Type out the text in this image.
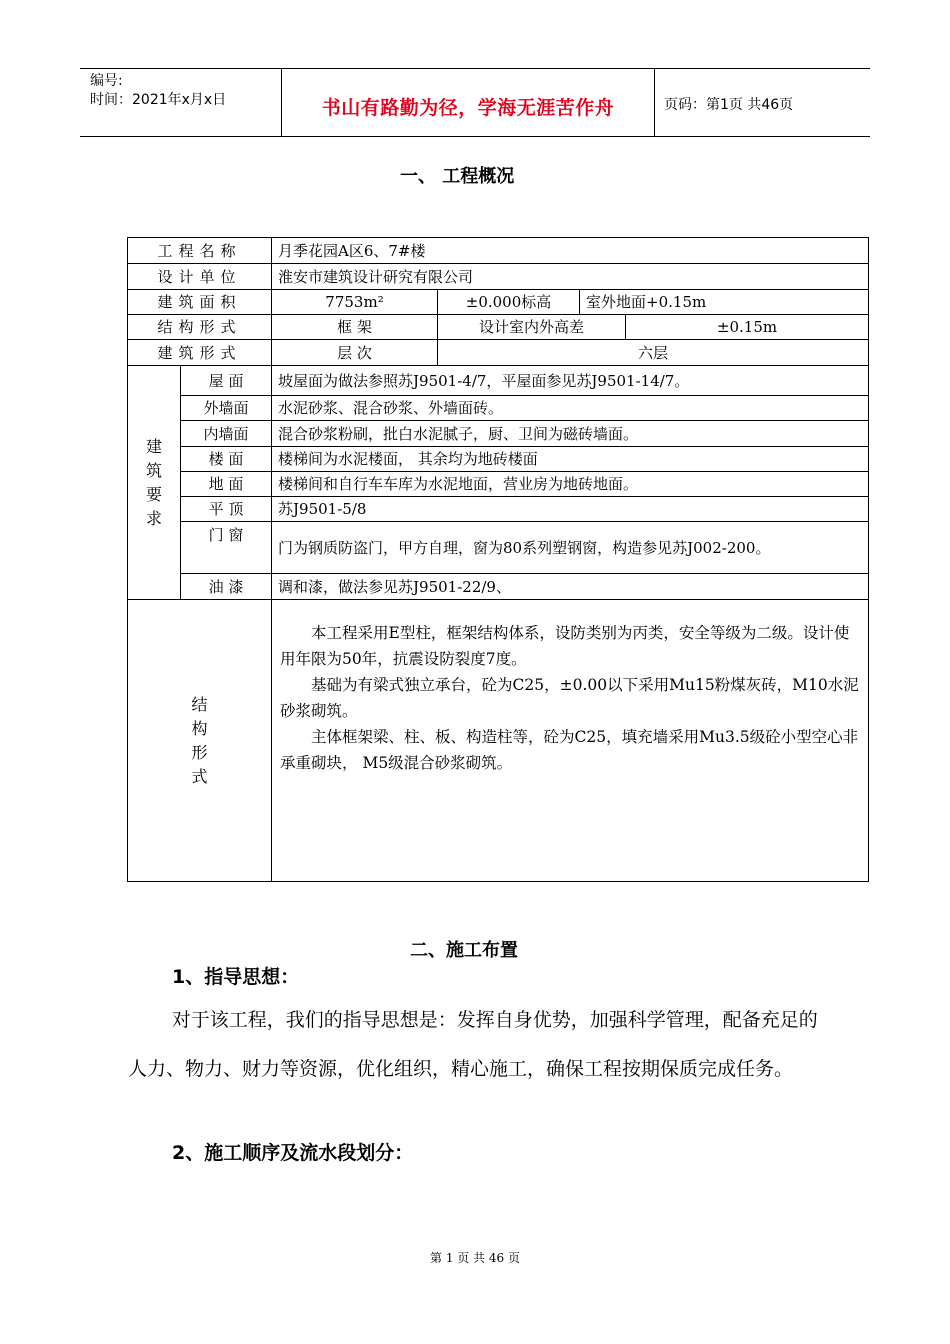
编号:
时间：2021年x月x日	书山有路勤为径，学海无涯苦作舟	页码：第1页 共46页
一、 工程概况
工程名称		月季花园A区6、7#楼			
设计单位		淮安市建筑设计研究有限公司			
建筑面积		7753m²	±0.000标高	室外地面+0.15m	
结构形式		框 架	设计室内外高差		±0.15m
建筑形式		层 次	六层		

建筑要求	屋 面	坡屋面为做法参照苏J9501-4/7，平屋面参见苏J9501-14/7。			
	外墙面	水泥砂浆、混合砂浆、外墙面砖。			
	内墙面	混合砂浆粉刷，批白水泥腻子，厨、卫间为磁砖墙面。			
	楼 面	楼梯间为水泥楼面， 其余均为地砖楼面			
	地 面	楼梯间和自行车车库为水泥地面，营业房为地砖地面。			
	平 顶	苏J9501-5/8			
	门 窗	门为钢质防盗门，甲方自理，窗为80系列塑钢窗，构造参见苏J002-200。			
	油 漆	调和漆，做法参见苏J9501-22/9、			

结构形式		本工程采用E型柱，框架结构体系，设防类别为丙类，安全等级为二级。设计使用年限为50年，抗震设防裂度7度。

基础为有梁式独立承台，砼为C25，±0.00以下采用Mu15粉煤灰砖，M10水泥砂浆砌筑。

主体框架梁、柱、板、构造柱等，砼为C25，填充墙采用Mu3.5级砼小型空心非承重砌块， M5级混合砂浆砌筑。			

二、施工布置
1、指导思想：
对于该工程，我们的指导思想是：发挥自身优势，加强科学管理，配备充足的人力、物力、财力等资源，优化组织，精心施工，确保工程按期保质完成任务。
2、施工顺序及流水段划分：
第 1 页 共 46 页
